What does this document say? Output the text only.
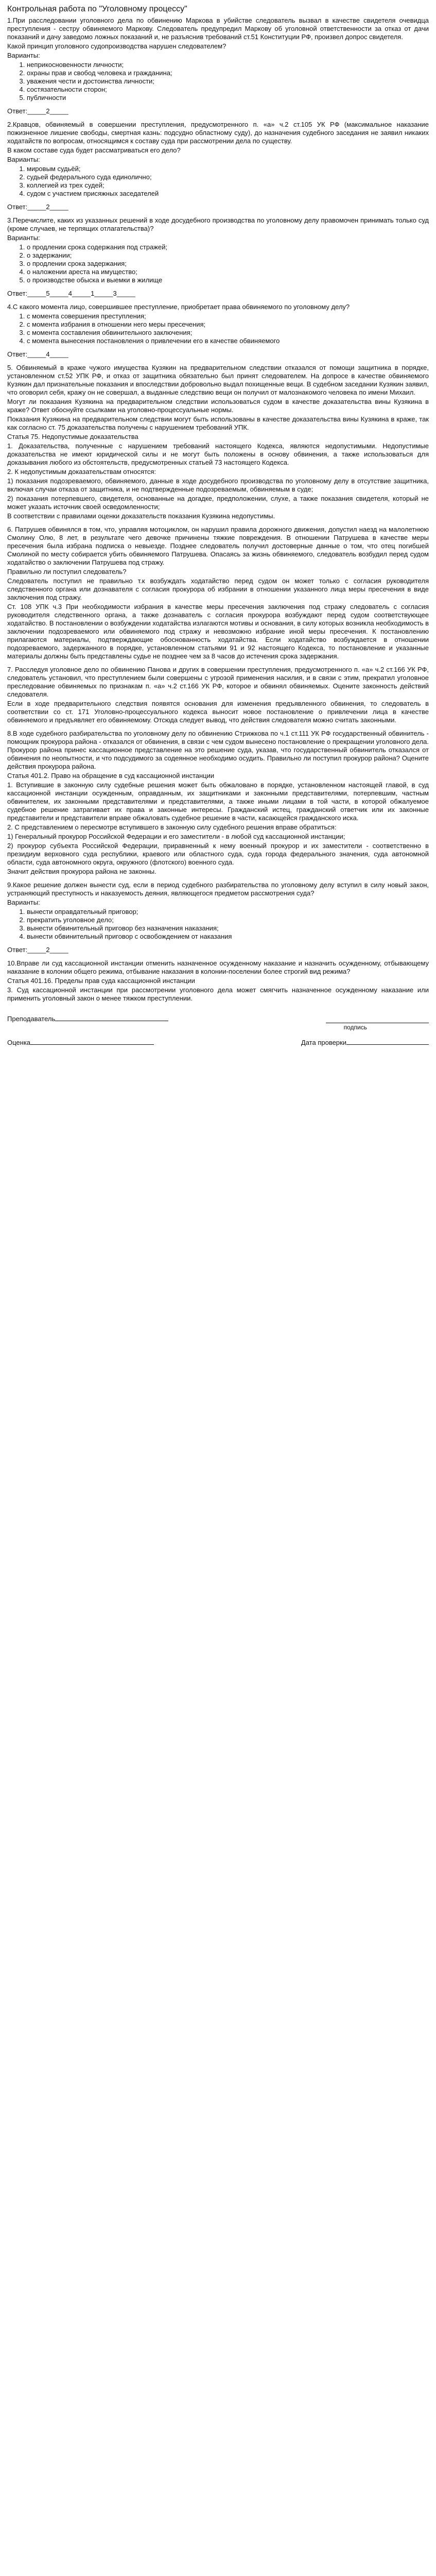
Контрольная работа по "Уголовному процессу"

1.При расследовании уголовного дела по обвинению Маркова в убийстве следователь вызвал в качестве свидетеля очевидца преступления - сестру обвиняемого Маркову. Следователь предупредил Маркову об уголовной ответственности за отказ от дачи показаний и дачу заведомо ложных показаний и, не разъяснив требований ст.51 Конституции РФ, произвел допрос свидетеля.

Какой принцип уголовного судопроизводства нарушен следователем?

Варианты:

1. неприкосновенности личности;
2. охраны прав и свобод человека и гражданина;
3. уважения чести и достоинства личности;
4. состязательности сторон;
5. публичности

Ответ:_____2_____

2.Кравцов, обвиняемый в совершении преступления, предусмотренного п. «а» ч.2 ст.105 УК РФ (максимальное наказание пожизненное лишение свободы, смертная казнь: подсудно областному суду), до назначения судебного заседания не заявил никаких ходатайств по вопросам, относящимся к составу суда при рассмотрении дела по существу.

В каком составе суда будет рассматриваться его дело?

Варианты:

1. мировым судьёй;
2. судьей федерального суда единолично;
3. коллегией из трех судей;
4. судом с участием присяжных заседателей

Ответ:_____2_____

3.Перечислите, каких из указанных решений в ходе досудебного производства по уголовному делу правомочен принимать только суд (кроме случаев, не терпящих отлагательства)?

Варианты:

1. о продлении срока содержания под стражей;
2. о задержании;
3. о продлении срока задержания;
4. о наложении ареста на имущество;
5. о производстве обыска и выемки в жилище

Ответ:_____5_____4_____1_____3_____

4.С какого момента лицо, совершившее преступление, приобретает права обвиняемого по уголовному делу?

1. с момента совершения преступления;
2. с момента избрания в отношении него меры пресечения;
3. с момента составления обвинительного заключения;
4. с момента вынесения постановления о привлечении его в качестве обвиняемого

Ответ:_____4_____

5. Обвиняемый в краже чужого имущества Кузякин на предварительном следствии отказался от помощи защитника в порядке, установленном ст.52 УПК РФ, и отказ от защитника обязательно был принят следователем. На допросе в качестве обвиняемого Кузякин дал признательные показания и впоследствии добровольно выдал похищенные вещи. В судебном заседании Кузякин заявил, что оговорил себя, кражу он не совершал, а выданные следствию вещи он получил от малознакомого человека по имени Михаил.

Могут ли показания Кузякина на предварительном следствии использоваться судом в качестве доказательства вины Кузякина в краже? Ответ обоснуйте ссылками на уголовно-процессуальные нормы.

Показания Кузякина на предварительном следствии могут быть использованы в качестве доказательства вины Кузякина в краже, так как согласно ст. 75 доказательства получены с нарушением требований УПК.

Статья 75. Недопустимые доказательства

1. Доказательства, полученные с нарушением требований настоящего Кодекса, являются недопустимыми. Недопустимые доказательства не имеют юридической силы и не могут быть положены в основу обвинения, а также использоваться для доказывания любого из обстоятельств, предусмотренных статьей 73 настоящего Кодекса.

2. К недопустимым доказательствам относятся:

1) показания подозреваемого, обвиняемого, данные в ходе досудебного производства по уголовному делу в отсутствие защитника, включая случаи отказа от защитника, и не подтвержденные подозреваемым, обвиняемым в суде;

2) показания потерпевшего, свидетеля, основанные на догадке, предположении, слухе, а также показания свидетеля, который не может указать источник своей осведомленности;

В соответствии с правилами оценки доказательств показания Кузякина недопустимы.

6. Патрушев обвинялся в том, что, управляя мотоциклом, он нарушил правила дорожного движения, допустил наезд на малолетнюю Смолину Олю, 8 лет, в результате чего девочке причинены тяжкие повреждения. В отношении Патрушева в качестве меры пресечения была избрана подписка о невыезде. Позднее следователь получил достоверные данные о том, что отец погибшей Смолиной по месту собирается убить обвиняемого Патрушева. Опасаясь за жизнь обвиняемого, следователь возбудил перед судом ходатайство о заключении Патрушева под стражу.

Правильно ли поступил следователь?

Следователь поступил не правильно т.к возбуждать ходатайство перед судом он может только с согласия руководителя следственного органа или дознавателя с согласия прокурора об избрании в отношении указанного лица меры пресечения в виде заключения под стражу.

Ст. 108 УПК ч.3 При необходимости избрания в качестве меры пресечения заключения под стражу следователь с согласия руководителя следственного органа, а также дознаватель с согласия прокурора возбуждают перед судом соответствующее ходатайство. В постановлении о возбуждении ходатайства излагаются мотивы и основания, в силу которых возникла необходимость в заключении подозреваемого или обвиняемого под стражу и невозможно избрание иной меры пресечения. К постановлению прилагаются материалы, подтверждающие обоснованность ходатайства. Если ходатайство возбуждается в отношении подозреваемого, задержанного в порядке, установленном статьями 91 и 92 настоящего Кодекса, то постановление и указанные материалы должны быть представлены судье не позднее чем за 8 часов до истечения срока задержания.

7. Расследуя уголовное дело по обвинению Панова и других в совершении преступления, предусмотренного п. «а» ч.2 ст.166 УК РФ, следователь установил, что преступлением были совершены с угрозой применения насилия, и в связи с этим, прекратил уголовное преследование обвиняемых по признакам п. «а» ч.2 ст.166 УК РФ, которое и обвинял обвиняемых. Оцените законность действий следователя.

Если в ходе предварительного следствия появятся основания для изменения предъявленного обвинения, то следователь в соответствии со ст. 171 Уголовно-процессуального кодекса выносит новое постановление о привлечении лица в качестве обвиняемого и предъявляет его обвиняемому. Отсюда следует вывод, что действия следователя можно считать законными.

8.В ходе судебного разбирательства по уголовному делу по обвинению Стрижкова по ч.1 ст.111 УК РФ государственный обвинитель - помощник прокурора района - отказался от обвинения, в связи с чем судом вынесено постановление о прекращении уголовного дела. Прокурор района принес кассационное представление на это решение суда, указав, что государственный обвинитель отказался от обвинения по неопытности, и что подсудимого за содеянное необходимо осудить. Правильно ли поступил прокурор района? Оцените действия прокурора района.

Статья 401.2. Право на обращение в суд кассационной инстанции

1. Вступившие в законную силу судебные решения может быть обжаловано в порядке, установленном настоящей главой, в суд кассационной инстанции осужденным, оправданным, их защитниками и законными представителями, потерпевшим, частным обвинителем, их законными представителями и представителями, а также иными лицами в той части, в которой обжалуемое судебное решение затрагивает их права и законные интересы. Гражданский истец, гражданский ответчик или их законные представители и представители вправе обжаловать судебное решение в части, касающейся гражданского иска.

2. С представлением о пересмотре вступившего в законную силу судебного решения вправе обратиться:

1) Генеральный прокурор Российской Федерации и его заместители - в любой суд кассационной инстанции;

2) прокурор субъекта Российской Федерации, приравненный к нему военный прокурор и их заместители - соответственно в президиум верховного суда республики, краевого или областного суда, суда города федерального значения, суда автономной области, суда автономного округа, окружного (флотского) военного суда.

Значит действия прокурора района не законны.

9.Какое решение должен вынести суд, если в период судебного разбирательства по уголовному делу вступил в силу новый закон, устраняющий преступность и наказуемость деяния, являющегося предметом рассмотрения суда?

Варианты:

1. вынести оправдательный приговор;
2. прекратить уголовное дело;
3. вынести обвинительный приговор без назначения наказания;
4. вынести обвинительный приговор с освобождением от наказания

Ответ:_____2_____

10.Вправе ли суд кассационной инстанции отменить назначенное осужденному наказание и назначить осужденному, отбывающему наказание в колонии общего режима, отбывание наказания в колонии-поселении более строгий вид режима?

Статья 401.16. Пределы прав суда кассационной инстанции

3. Суд кассационной инстанции при рассмотрении уголовного дела может смягчить назначенное осужденному наказание или применить уголовный закон о менее тяжком преступлении.

Преподаватель
подпись
Оценка	Дата проверки
